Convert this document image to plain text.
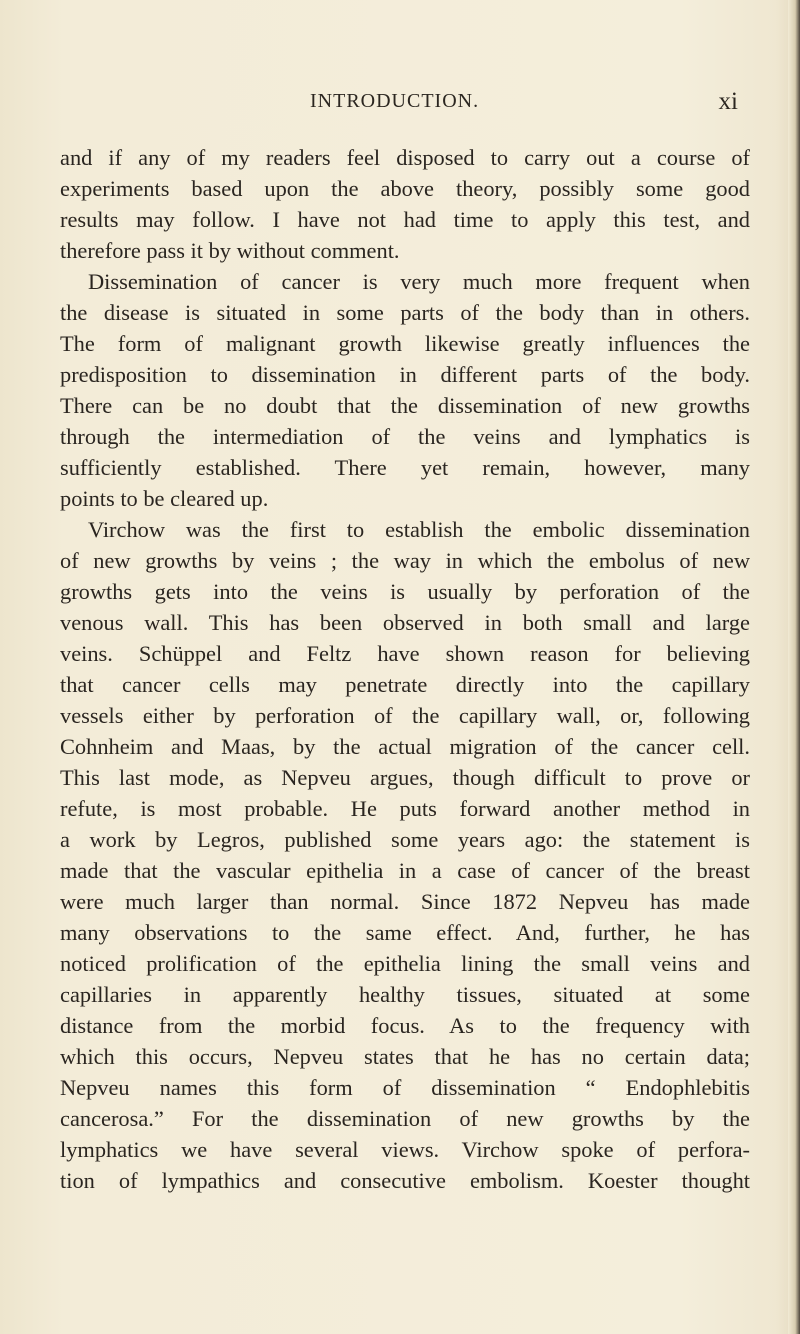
INTRODUCTION.	xi
and if any of my readers feel disposed to carry out a course of
experiments based upon the above theory, possibly some good
results may follow. I have not had time to apply this test, and
therefore pass it by without comment.
Dissemination of cancer is very much more frequent when
the disease is situated in some parts of the body than in others.
The form of malignant growth likewise greatly influences the
predisposition to dissemination in different parts of the body.
There can be no doubt that the dissemination of new growths
through the intermediation of the veins and lymphatics is
sufficiently established. There yet remain, however, many
points to be cleared up.
Virchow was the first to establish the embolic dissemination
of new growths by veins ; the way in which the embolus of new
growths gets into the veins is usually by perforation of the
venous wall. This has been observed in both small and large
veins. Schüppel and Feltz have shown reason for believing
that cancer cells may penetrate directly into the capillary
vessels either by perforation of the capillary wall, or, following
Cohnheim and Maas, by the actual migration of the cancer cell.
This last mode, as Nepveu argues, though difficult to prove or
refute, is most probable. He puts forward another method in
a work by Legros, published some years ago: the statement is
made that the vascular epithelia in a case of cancer of the breast
were much larger than normal. Since 1872 Nepveu has made
many observations to the same effect. And, further, he has
noticed prolification of the epithelia lining the small veins and
capillaries in apparently healthy tissues, situated at some
distance from the morbid focus. As to the frequency with
which this occurs, Nepveu states that he has no certain data;
Nepveu names this form of dissemination “ Endophlebitis
cancerosa.” For the dissemination of new growths by the
lymphatics we have several views. Virchow spoke of perfora-
tion of lympathics and consecutive embolism. Koester thought
